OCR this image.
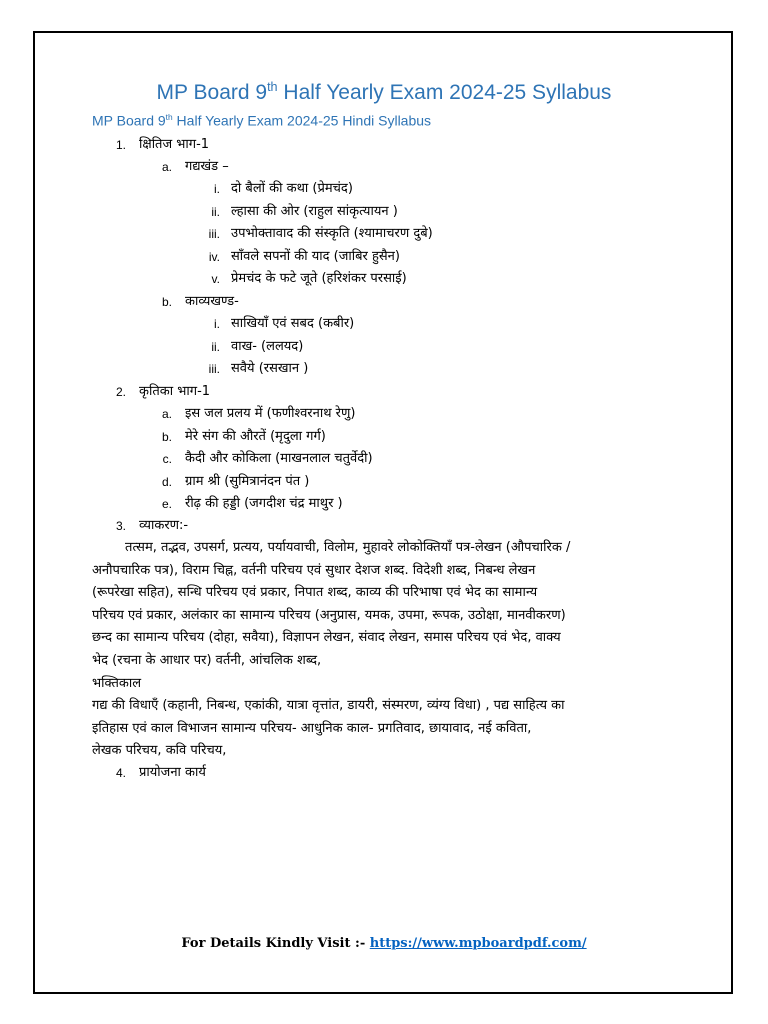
MP Board 9th Half Yearly Exam 2024-25 Syllabus
MP Board 9th Half Yearly Exam 2024-25 Hindi Syllabus
1. क्षितिज भाग-1
a. गद्यखंड –
i. दो बैलों की कथा (प्रेमचंद)
ii. ल्हासा की ओर (राहुल सांकृत्यायन )
iii. उपभोक्तावाद की संस्कृति (श्यामाचरण दुबे)
iv. साँवले सपनों की याद (जाबिर हुसैन)
v. प्रेमचंद के फटे जूते (हरिशंकर परसाई)
b. काव्यखण्ड-
i. साखियाँ एवं सबद (कबीर)
ii. वाख- (ललयद)
iii. सवैये (रसखान )
2. कृतिका भाग-1
a. इस जल प्रलय में (फणीश्वरनाथ रेणु)
b. मेरे संग की औरतें (मृदुला गर्ग)
c. कैदी और कोकिला (माखनलाल चतुर्वेदी)
d. ग्राम श्री (सुमित्रानंदन पंत )
e. रीढ़ की हड्डी (जगदीश चंद्र माथुर )
3. व्याकरण:-

तत्सम, तद्भव, उपसर्ग, प्रत्यय, पर्यायवाची, विलोम, मुहावरे लोकोक्तियाँ पत्र-लेखन (औपचारिक /

अनौपचारिक पत्र), विराम चिह्न, वर्तनी परिचय एवं सुधार देशज शब्द. विदेशी शब्द, निबन्ध लेखन

(रूपरेखा सहित), सन्धि परिचय एवं प्रकार, निपात शब्द, काव्य की परिभाषा एवं भेद का सामान्य

परिचय एवं प्रकार, अलंकार का सामान्य परिचय (अनुप्रास, यमक, उपमा, रूपक, उठोक्षा, मानवीकरण)

छन्द का सामान्य परिचय (दोहा, सवैया), विज्ञापन लेखन, संवाद लेखन, समास परिचय एवं भेद, वाक्य

भेद (रचना के आधार पर) वर्तनी, आंचलिक शब्द,

भक्तिकाल

गद्य की विधाएँ (कहानी, निबन्ध, एकांकी, यात्रा वृत्तांत, डायरी, संस्मरण, व्यंग्य विधा) , पद्य साहित्य का

इतिहास एवं काल विभाजन सामान्य परिचय- आधुनिक काल- प्रगतिवाद, छायावाद, नई कविता,

लेखक परिचय, कवि परिचय,

4. प्रायोजना कार्य
For Details Kindly Visit :- https://www.mpboardpdf.com/
